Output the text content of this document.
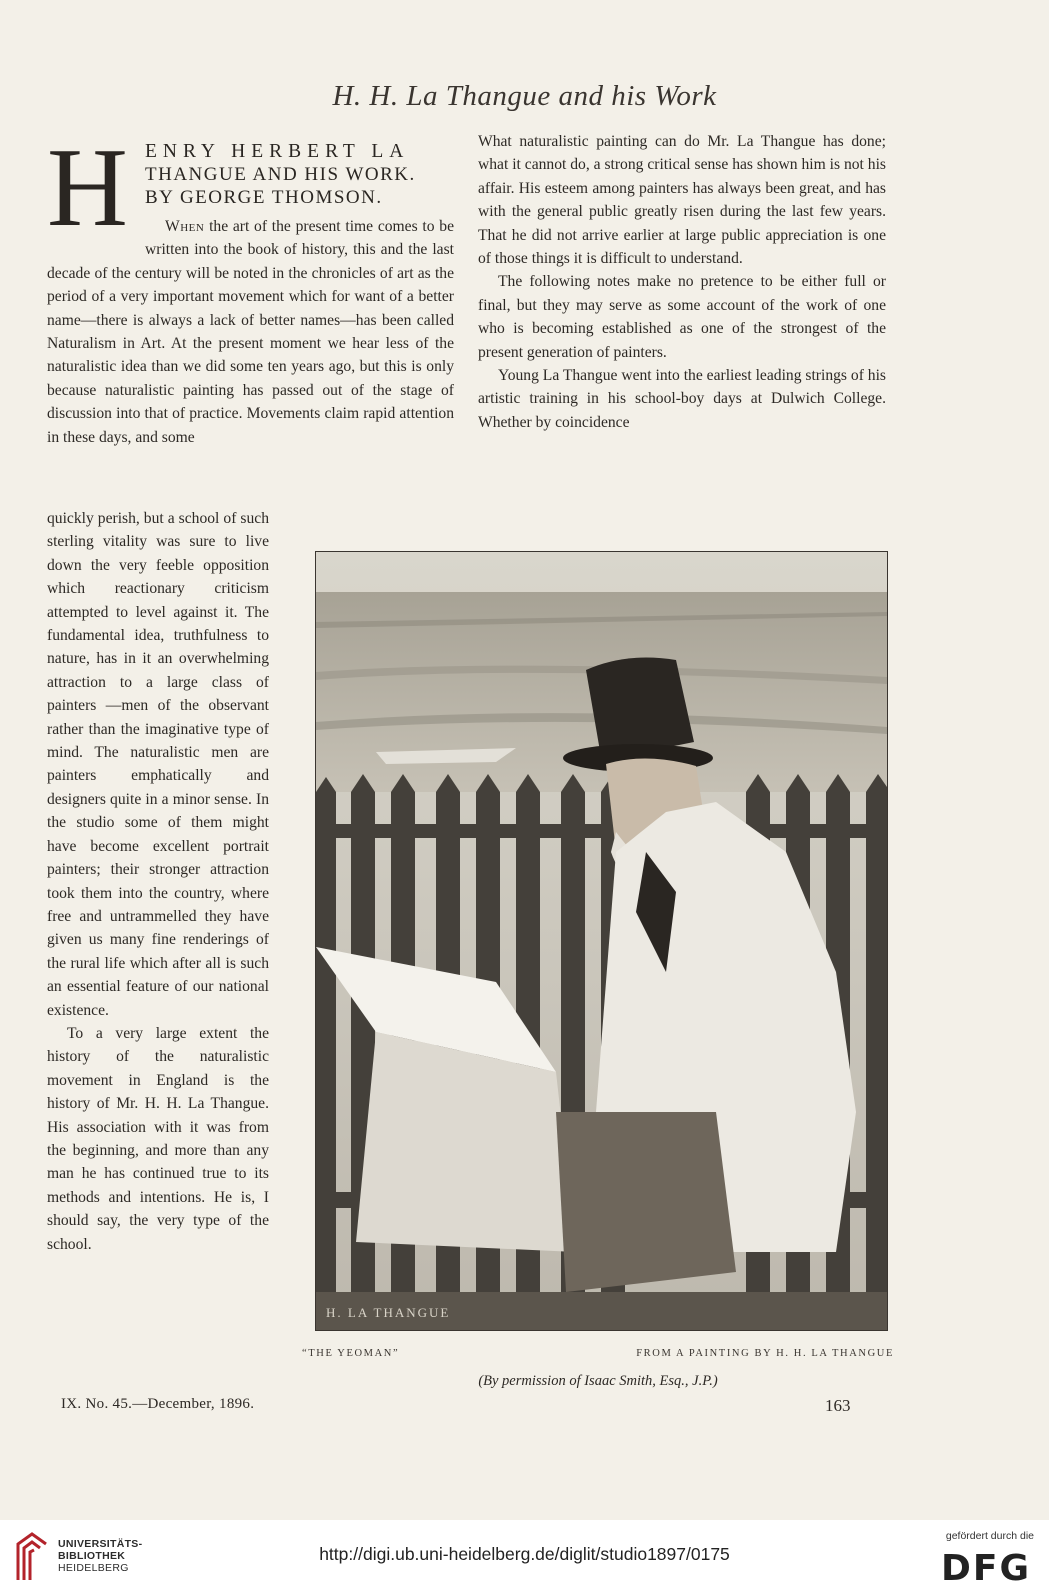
H. H. La Thangue and his Work
H ENRY HERBERT LA
THANGUE AND HIS WORK.
BY GEORGE THOMSON.

When the art of the present time comes to be written into the book of history, this and the last decade of the century will be noted in the chronicles of art as the period of a very important movement which for want of a better name—there is always a lack of better names—has been called Naturalism in Art. At the present moment we hear less of the naturalistic idea than we did some ten years ago, but this is only because naturalistic painting has passed out of the stage of discussion into that of practice. Movements claim rapid attention in these days, and some

quickly perish, but a school of such sterling vitality was sure to live down the very feeble opposition which reactionary criticism attempted to level against it. The fundamental idea, truthfulness to nature, has in it an overwhelming attraction to a large class of painters —men of the observant rather than the imaginative type of mind. The naturalistic men are painters emphatically and designers quite in a minor sense. In the studio some of them might have become excellent portrait painters; their stronger attraction took them into the country, where free and untrammelled they have given us many fine renderings of the rural life which after all is such an essential feature of our national existence.

To a very large extent the history of the naturalistic movement in England is the history of Mr. H. H. La Thangue. His association with it was from the beginning, and more than any man he has continued true to its methods and intentions. He is, I should say, the very type of the school.

What naturalistic painting can do Mr. La Thangue has done; what it cannot do, a strong critical sense has shown him is not his affair. His esteem among painters has always been great, and has with the general public greatly risen during the last few years. That he did not arrive earlier at large public appreciation is one of those things it is difficult to understand.

The following notes make no pretence to be either full or final, but they may serve as some account of the work of one who is becoming established as one of the strongest of the present generation of painters.

Young La Thangue went into the earliest leading strings of his artistic training in his school-boy days at Dulwich College. Whether by coincidence

H. LA THANGUE
“THE YEOMAN”	FROM A PAINTING BY H. H. LA THANGUE
(By permission of Isaac Smith, Esq., J.P.)
IX. No. 45.—December, 1896.	163
UNIVERSITÄTS-
BIBLIOTHEK
HEIDELBERG
http://digi.ub.uni-heidelberg.de/diglit/studio1897/0175
gefördert durch die
DFG
